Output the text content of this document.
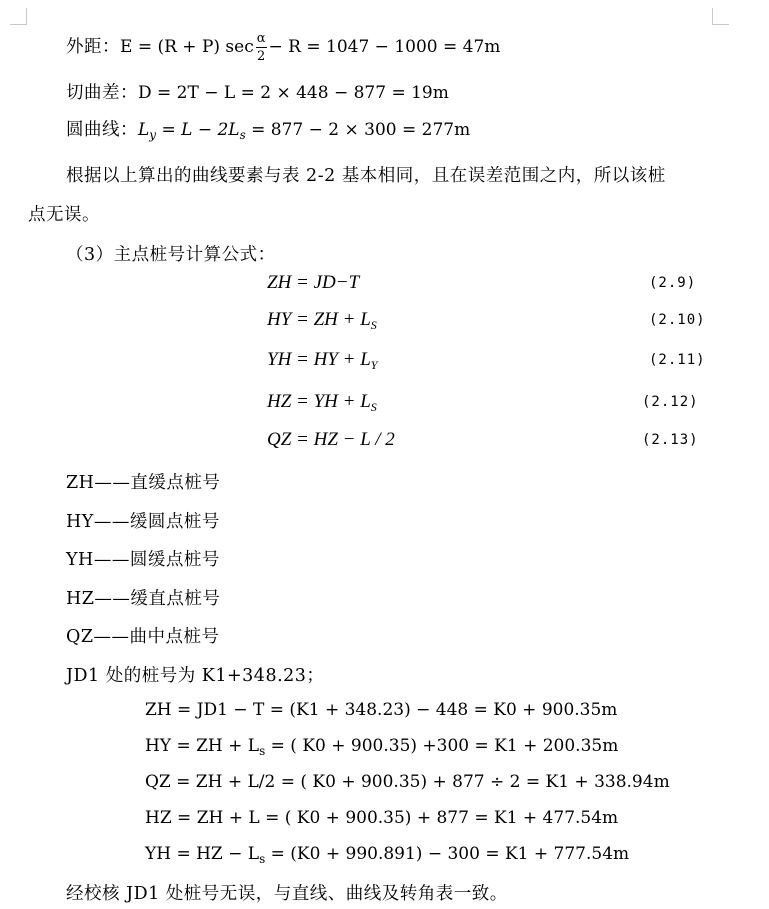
外距：E = (R + P) $\sec \frac{\alpha}{2} - R = 1047 - 1000 = 47m$
切曲差：D = 2T − L = 2 × 448 − 877 = 19m
圆曲线：$L_y = L - 2L_s = 877 - 2 \times 300 = 277m$
根据以上算出的曲线要素与表 2-2 基本相同，且在误差范围之内，所以该桩
点无误。
（3）主点桩号计算公式：
ZH = JD−T	(2.9)
HY = ZH + $L_S$	(2.10)
YH = HY + $L_Y$	(2.11)
HZ = YH + $L_S$	(2.12)
QZ = HZ − L / 2	(2.13)
ZH——直缓点桩号
HY——缓圆点桩号
YH——圆缓点桩号
HZ——缓直点桩号
QZ——曲中点桩号
JD1 处的桩号为 K1+348.23；
ZH = JD1 − T = (K1 + 348.23) − 448 = K0 + 900.35m
HY = ZH + $L_s$ = ( K0 + 900.35) +300 = K1 + 200.35m
QZ = ZH + L/2 = ( K0 + 900.35) + 877 ÷ 2 = K1 + 338.94m
HZ = ZH + L = ( K0 + 900.35) + 877 = K1 + 477.54m
YH = HZ − $L_s = (K0 + 990.891) - 300 = K1 + 777.54m$
经校核 JD1 处桩号无误，与直线、曲线及转角表一致。
